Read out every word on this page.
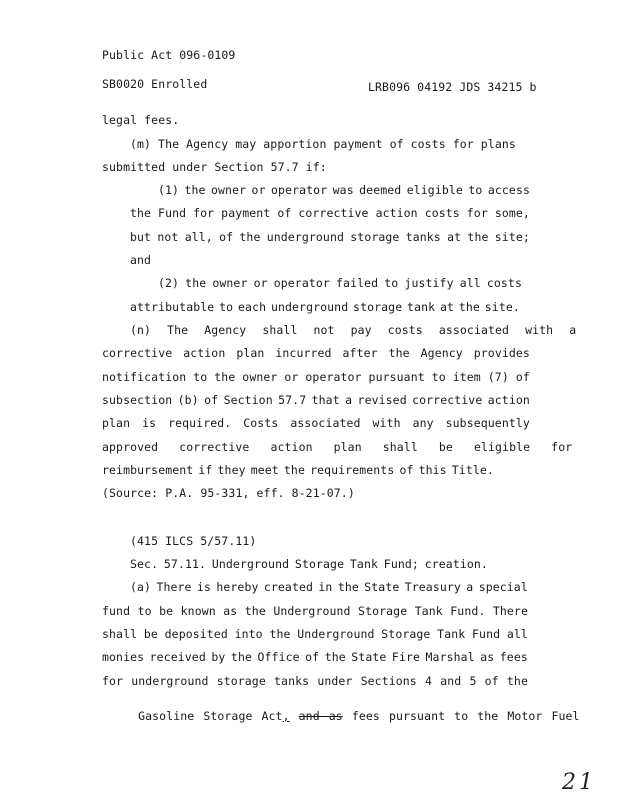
Public Act 096-0109
SB0020 Enrolled	LRB096 04192 JDS 34215 b
legal fees.
(m) The Agency may apportion payment of costs for plans
submitted under Section 57.7 if:
(1) the owner or operator was deemed eligible to access
the Fund for payment of corrective action costs for some,
but not all, of the underground storage tanks at the site;
and
(2) the owner or operator failed to justify all costs
attributable to each underground storage tank at the site.
(n) The Agency shall not pay costs associated with a
corrective action plan incurred after the Agency provides
notification to the owner or operator pursuant to item (7) of
subsection (b) of Section 57.7 that a revised corrective action
plan is required. Costs associated with any subsequently
approved corrective action plan shall be eligible for
reimbursement if they meet the requirements of this Title.
(Source: P.A. 95-331, eff. 8-21-07.)
(415 ILCS 5/57.11)
Sec. 57.11. Underground Storage Tank Fund; creation.
(a) There is hereby created in the State Treasury a special
fund to be known as the Underground Storage Tank Fund. There
shall be deposited into the Underground Storage Tank Fund all
monies received by the Office of the State Fire Marshal as fees
for underground storage tanks under Sections 4 and 5 of the

Gasoline Storage Act, and as fees pursuant to the Motor Fuel

21
